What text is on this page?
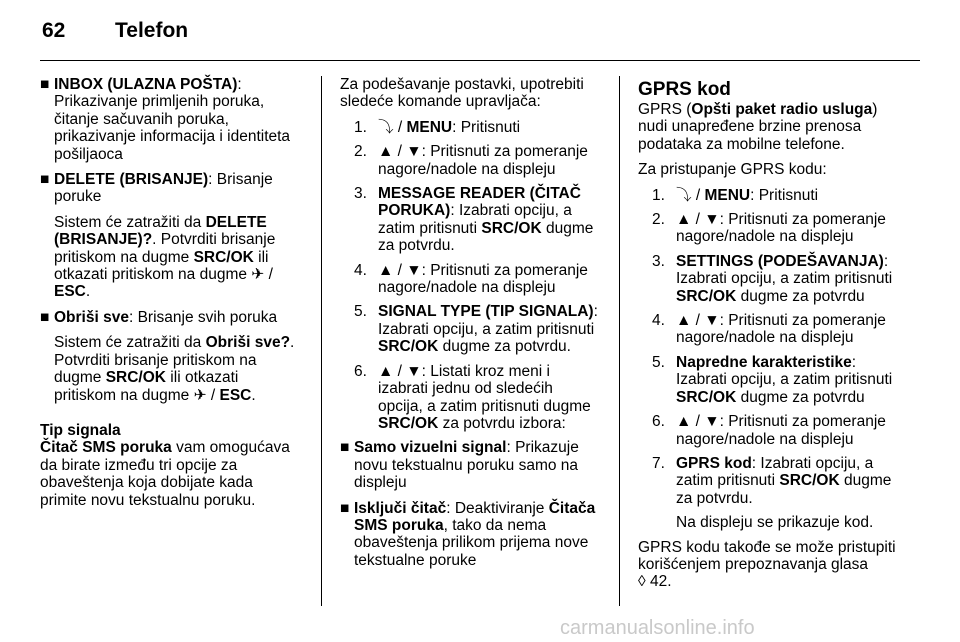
62 Telefon
■ INBOX (ULAZNA POŠTA): Prikazivanje primljenih poruka, čitanje sačuvanih poruka, prikazivanje informacija i identiteta pošiljaoca
■ DELETE (BRISANJE): Brisanje poruke
Sistem će zatražiti da DELETE (BRISANJE)?. Potvrditi brisanje pritiskom na dugme SRC/OK ili otkazati pritiskom na dugme ✈ / ESC.
■ Obriši sve: Brisanje svih poruka
Sistem će zatražiti da Obriši sve?. Potvrditi brisanje pritiskom na dugme SRC/OK ili otkazati pritiskom na dugme ✈ / ESC.
Tip signala
Čitač SMS poruka vam omogućava da birate između tri opcije za obaveštenja koja dobijate kada primite novu tekstualnu poruku.
Za podešavanje postavki, upotrebiti sledeće komande upravljača:
1. ⤵ / MENU: Pritisnuti
2. ▲ / ▼: Pritisnuti za pomeranje nagore/nadole na displeju
3. MESSAGE READER (ČITAČ PORUKA): Izabrati opciju, a zatim pritisnuti SRC/OK dugme za potvrdu.
4. ▲ / ▼: Pritisnuti za pomeranje nagore/nadole na displeju
5. SIGNAL TYPE (TIP SIGNALA): Izabrati opciju, a zatim pritisnuti SRC/OK dugme za potvrdu.
6. ▲ / ▼: Listati kroz meni i izabrati jednu od sledećih opcija, a zatim pritisnuti dugme SRC/OK za potvrdu izbora:
■ Samo vizuelni signal: Prikazuje novu tekstualnu poruku samo na displeju
■ Isključi čitač: Deaktiviranje Čitača SMS poruka, tako da nema obaveštenja prilikom prijema nove tekstualne poruke
GPRS kod
GPRS (Opšti paket radio usluga) nudi unapređene brzine prenosa podataka za mobilne telefone.
Za pristupanje GPRS kodu:
1. ⤵ / MENU: Pritisnuti
2. ▲ / ▼: Pritisnuti za pomeranje nagore/nadole na displeju
3. SETTINGS (PODEŠAVANJA): Izabrati opciju, a zatim pritisnuti SRC/OK dugme za potvrdu
4. ▲ / ▼: Pritisnuti za pomeranje nagore/nadole na displeju
5. Napredne karakteristike: Izabrati opciju, a zatim pritisnuti SRC/OK dugme za potvrdu
6. ▲ / ▼: Pritisnuti za pomeranje nagore/nadole na displeju
7. GPRS kod: Izabrati opciju, a zatim pritisnuti SRC/OK dugme za potvrdu.
Na displeju se prikazuje kod.
GPRS kodu takođe se može pristupiti korišćenjem prepoznavanja glasa
◊ 42.
carmanualsonline.info
